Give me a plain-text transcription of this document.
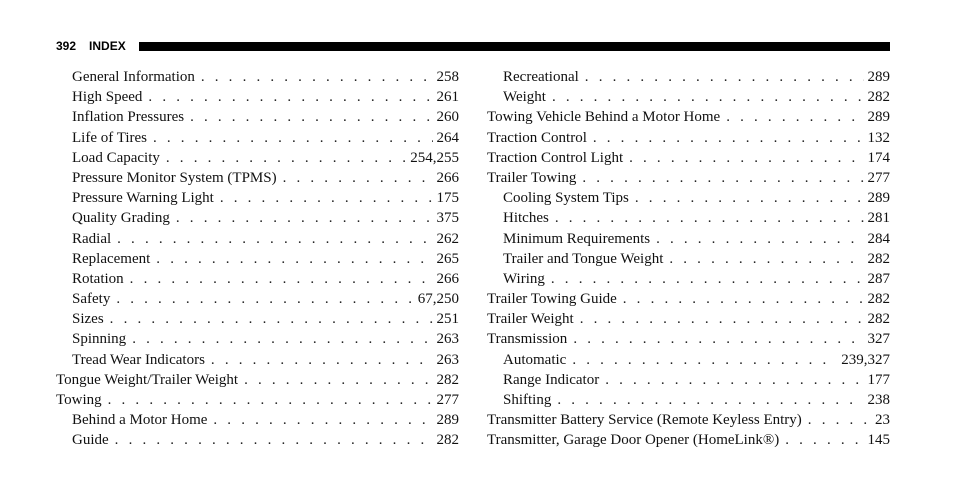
392 INDEX
General Information . . .	258
High Speed . . .	261
Inflation Pressures . . .	260
Life of Tires . . .	264
Load Capacity . . .	254,255
Pressure Monitor System (TPMS) . . .	266
Pressure Warning Light . . .	175
Quality Grading . . .	375
Radial . . .	262
Replacement . . .	265
Rotation . . .	266
Safety . . .	67,250
Sizes . . .	251
Spinning . . .	263
Tread Wear Indicators . . .	263
Tongue Weight/Trailer Weight . . .	282
Towing . . .	277
Behind a Motor Home . . .	289
Guide . . .	282
Recreational . . .	289
Weight . . .	282
Towing Vehicle Behind a Motor Home . . .	289
Traction Control . . .	132
Traction Control Light . . .	174
Trailer Towing . . .	277
Cooling System Tips . . .	289
Hitches . . .	281
Minimum Requirements . . .	284
Trailer and Tongue Weight . . .	282
Wiring . . .	287
Trailer Towing Guide . . .	282
Trailer Weight . . .	282
Transmission . . .	327
Automatic . . .	239,327
Range Indicator . . .	177
Shifting . . .	238
Transmitter Battery Service (Remote Keyless Entry) . . .	23
Transmitter, Garage Door Opener (HomeLink®) . . .	145
